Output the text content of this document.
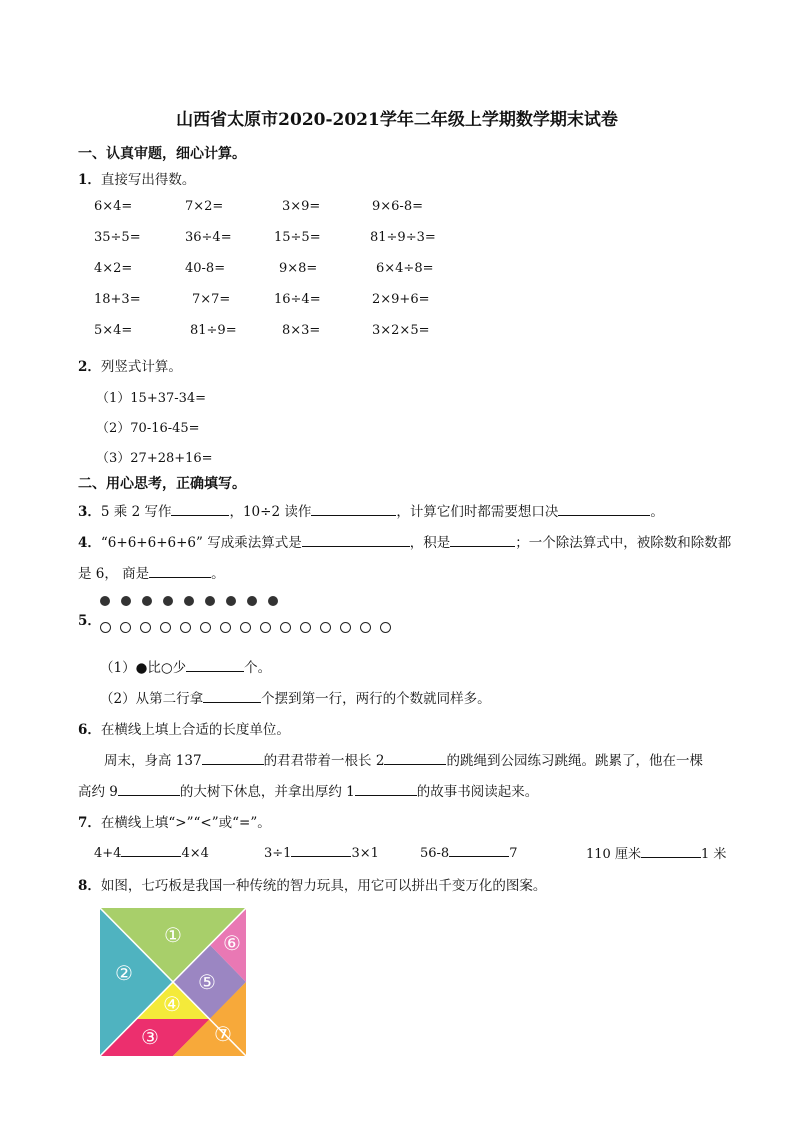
山西省太原市2020-2021学年二年级上学期数学期末试卷
一、认真审题，细心计算。
1．直接写出得数。
6×4=	7×2=	3×9=	9×6-8=
35÷5=	36÷4=	15÷5=	81÷9÷3=
4×2=	40-8=	9×8=	6×4÷8=
18+3=	7×7=	16÷4=	2×9+6=
5×4=	81÷9=	8×3=	3×2×5=
2．列竖式计算。
（1）15+37-34=
（2）70-16-45=
（3）27+28+16=
二、用心思考，正确填写。
3．5 乘 2 写作	，10÷2 读作	，计算它们时都需要想口决	。
4．“6+6+6+6+6” 写成乘法算式是	，积是	；一个除法算式中，被除数和除数都
是 6， 商是	。
5．
（1）●比○少	个。
（2）从第二行拿	个摆到第一行，两行的个数就同样多。
6．在横线上填上合适的长度单位。
周末，身高 137	的君君带着一根长 2	的跳绳到公园练习跳绳。跳累了，他在一棵
高约 9	的大树下休息，并拿出厚约 1	的故事书阅读起来。
7．在横线上填“>”“<”或“=”。
4+4	4×4	3÷1	3×1	56-8	7	110 厘米	1 米
8．如图，七巧板是我国一种传统的智力玩具，用它可以拼出千变万化的图案。
①
②
③
④
⑤
⑥
⑦
